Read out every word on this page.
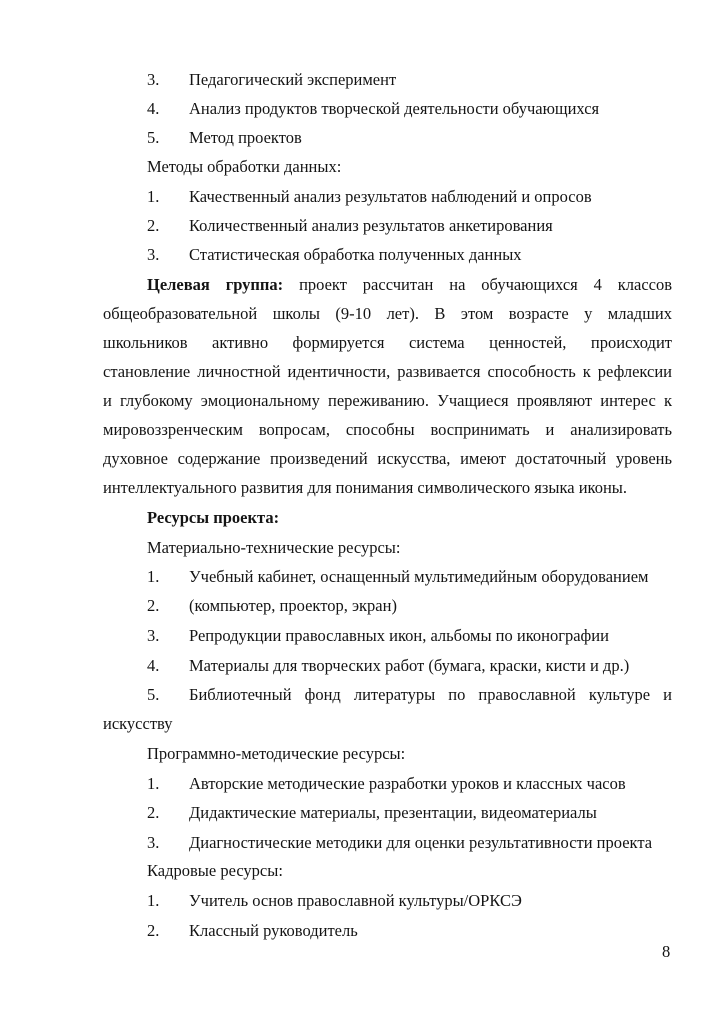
3. Педагогический эксперимент
4. Анализ продуктов творческой деятельности обучающихся
5. Метод проектов
Методы обработки данных:
1. Качественный анализ результатов наблюдений и опросов
2. Количественный анализ результатов анкетирования
3. Статистическая обработка полученных данных
Целевая группа: проект рассчитан на обучающихся 4 классов
общеобразовательной школы (9-10 лет). В этом возрасте у младших
школьников активно формируется система ценностей, происходит
становление личностной идентичности, развивается способность к рефлексии
и глубокому эмоциональному переживанию. Учащиеся проявляют интерес к
мировоззренческим вопросам, способны воспринимать и анализировать
духовное содержание произведений искусства, имеют достаточный уровень
интеллектуального развития для понимания символического языка иконы.
Ресурсы проекта:
Материально-технические ресурсы:
1. Учебный кабинет, оснащенный мультимедийным оборудованием
2. (компьютер, проектор, экран)
3. Репродукции православных икон, альбомы по иконографии
4. Материалы для творческих работ (бумага, краски, кисти и др.)
5. Библиотечный фонд литературы по православной культуре и
искусству
Программно-методические ресурсы:
1. Авторские методические разработки уроков и классных часов
2. Дидактические материалы, презентации, видеоматериалы
3. Диагностические методики для оценки результативности проекта
Кадровые ресурсы:
1. Учитель основ православной культуры/ОРКСЭ
2. Классный руководитель
8
